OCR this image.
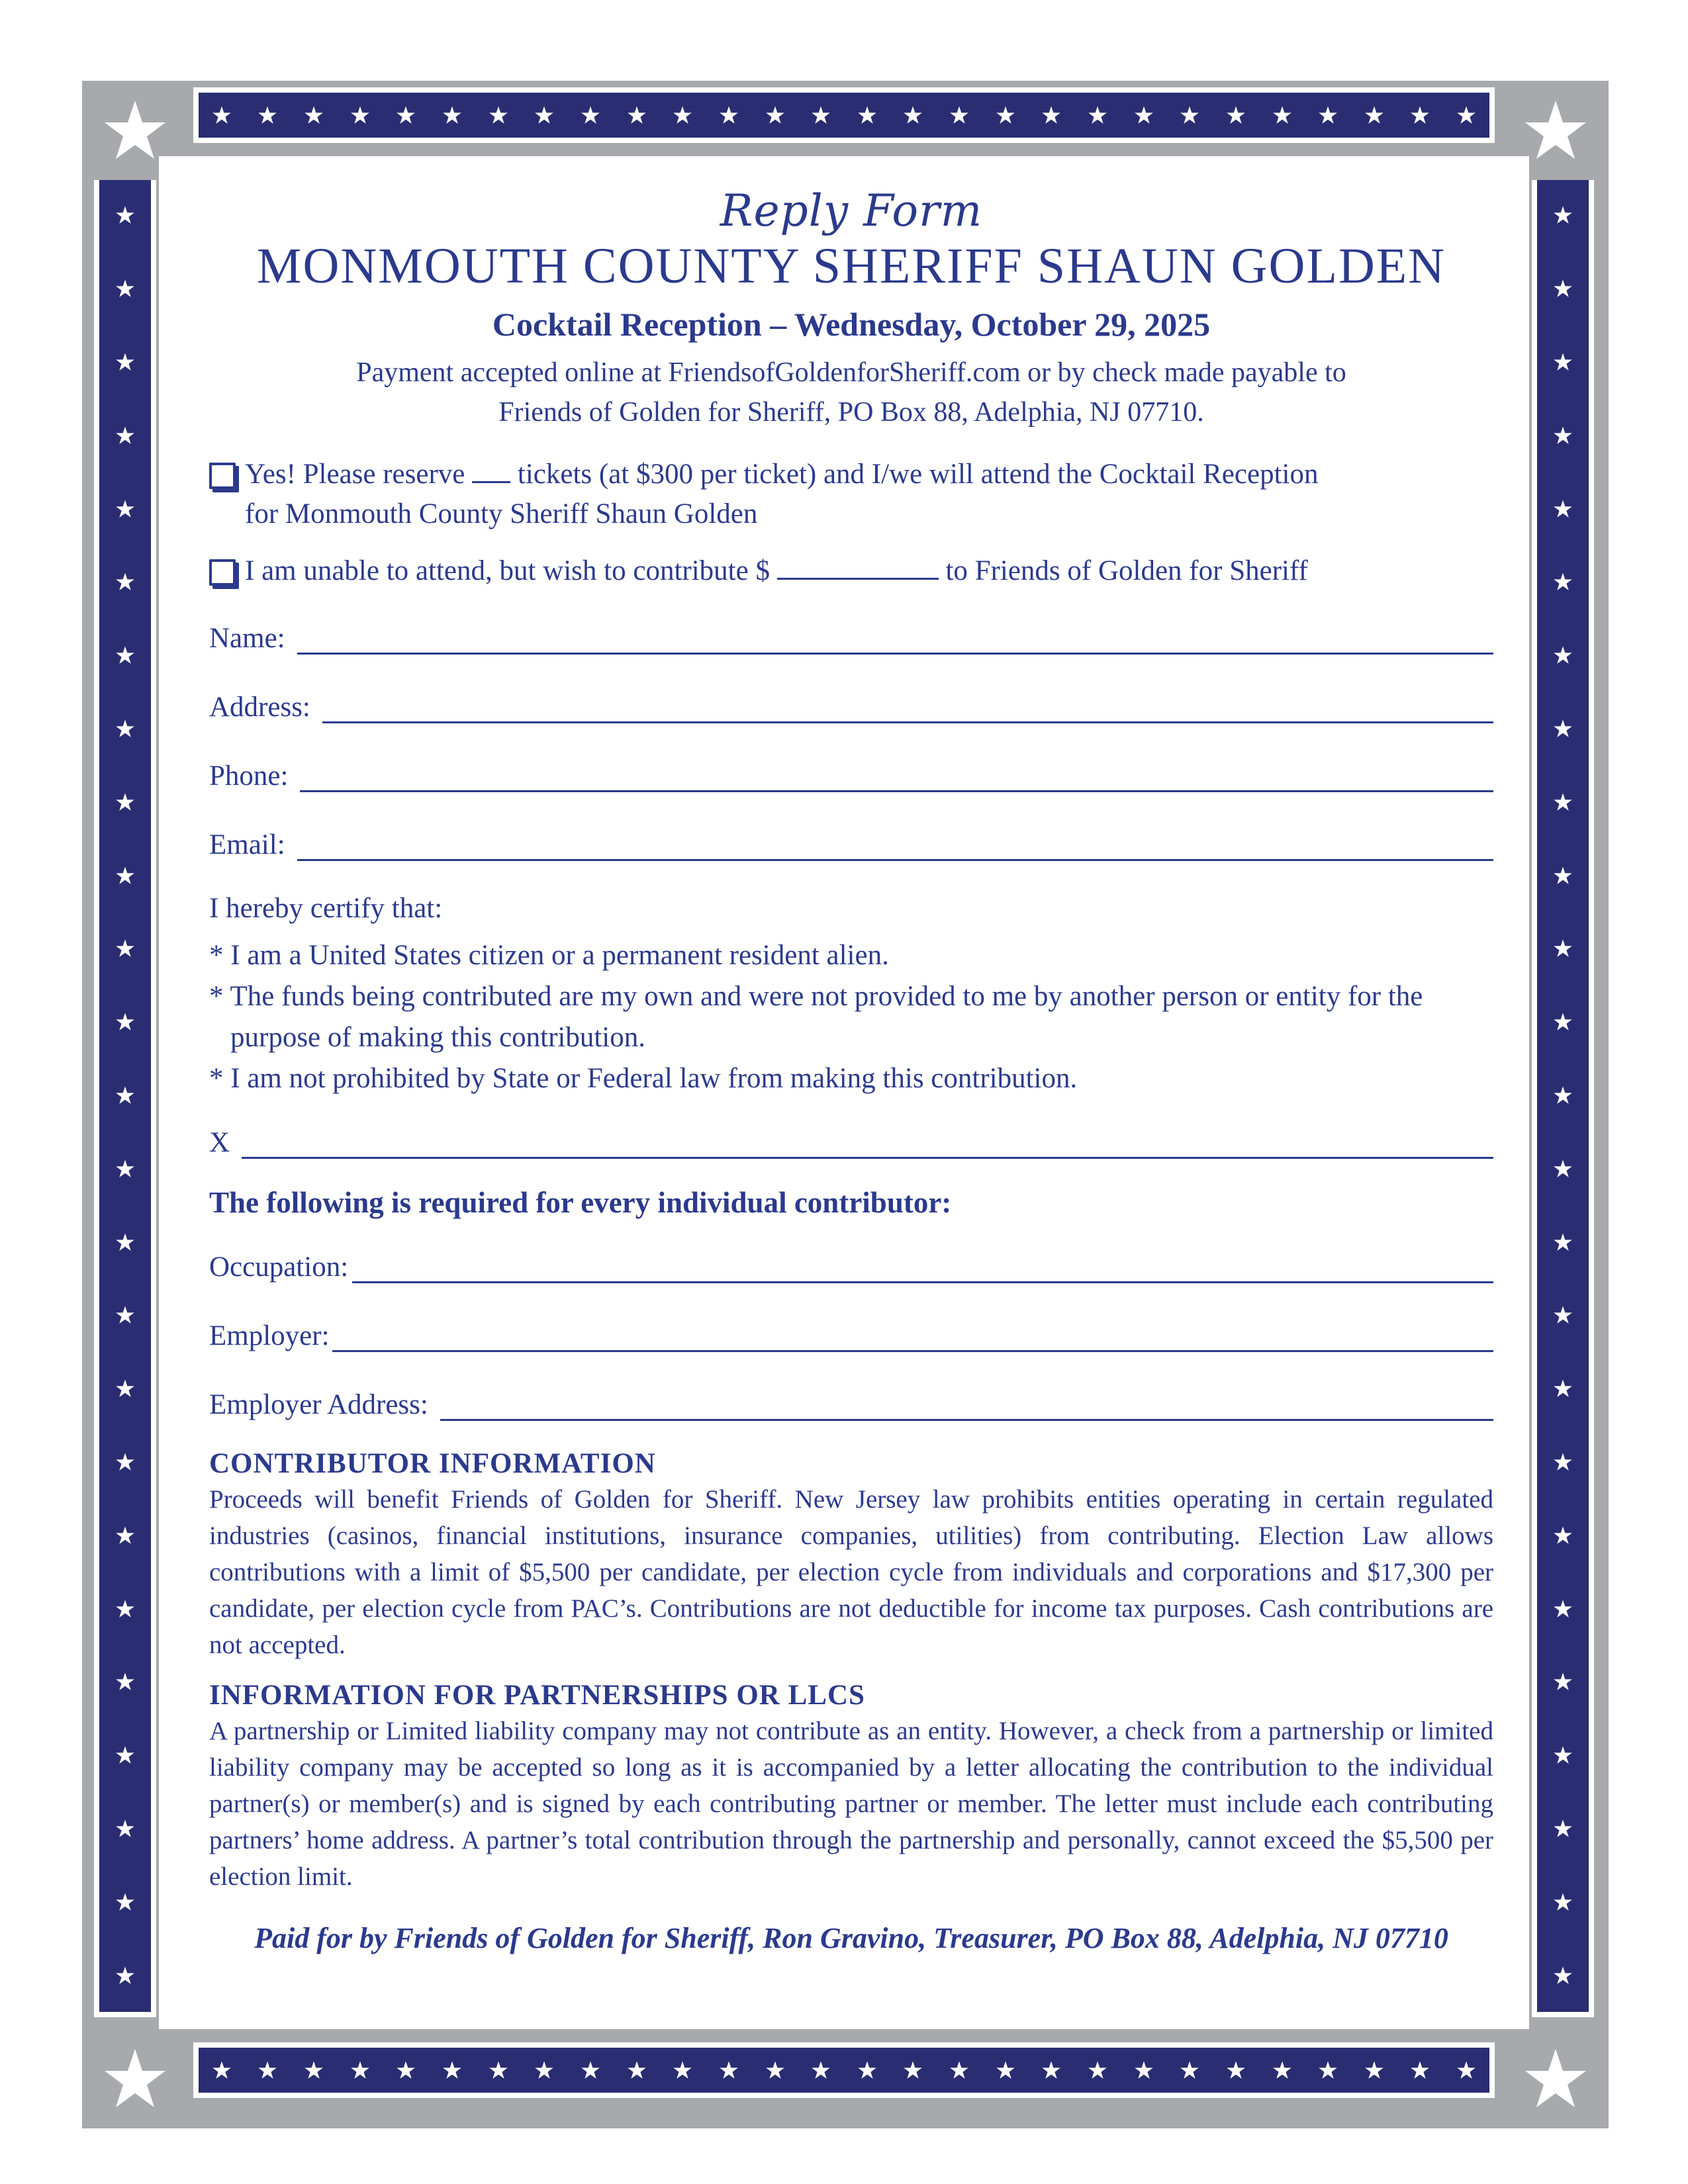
Reply Form
MONMOUTH COUNTY SHERIFF SHAUN GOLDEN
Cocktail Reception – Wednesday, October 29, 2025
Payment accepted online at FriendsofGoldenforSheriff.com or by check made payable to
Friends of Golden for Sheriff, PO Box 88, Adelphia, NJ 07710.
Yes! Please reserve tickets (at $300 per ticket) and I/we will attend the Cocktail Reception
for Monmouth County Sheriff Shaun Golden
I am unable to attend, but wish to contribute $	to Friends of Golden for Sheriff
Name:
Address:
Phone:
Email:
I hereby certify that:
* I am a United States citizen or a permanent resident alien.
* The funds being contributed are my own and were not provided to me by another person or entity for the purpose of making this contribution.
* I am not prohibited by State or Federal law from making this contribution.
X
The following is required for every individual contributor:
Occupation:
Employer:
Employer Address:
CONTRIBUTOR INFORMATION
Proceeds will benefit Friends of Golden for Sheriff. New Jersey law prohibits entities operating in certain regulated industries (casinos, financial institutions, insurance companies, utilities) from contributing. Election Law allows contributions with a limit of $5,500 per candidate, per election cycle from individuals and corporations and $17,300 per candidate, per election cycle from PAC’s. Contributions are not deductible for income tax purposes. Cash contributions are not accepted.
INFORMATION FOR PARTNERSHIPS OR LLCS
A partnership or Limited liability company may not contribute as an entity. However, a check from a partnership or limited liability company may be accepted so long as it is accompanied by a letter allocating the contribution to the individual partner(s) or member(s) and is signed by each contributing partner or member. The letter must include each contributing partners’ home address. A partner’s total contribution through the partnership and personally, cannot exceed the $5,500 per election limit.
Paid for by Friends of Golden for Sheriff, Ron Gravino, Treasurer, PO Box 88, Adelphia, NJ 07710
